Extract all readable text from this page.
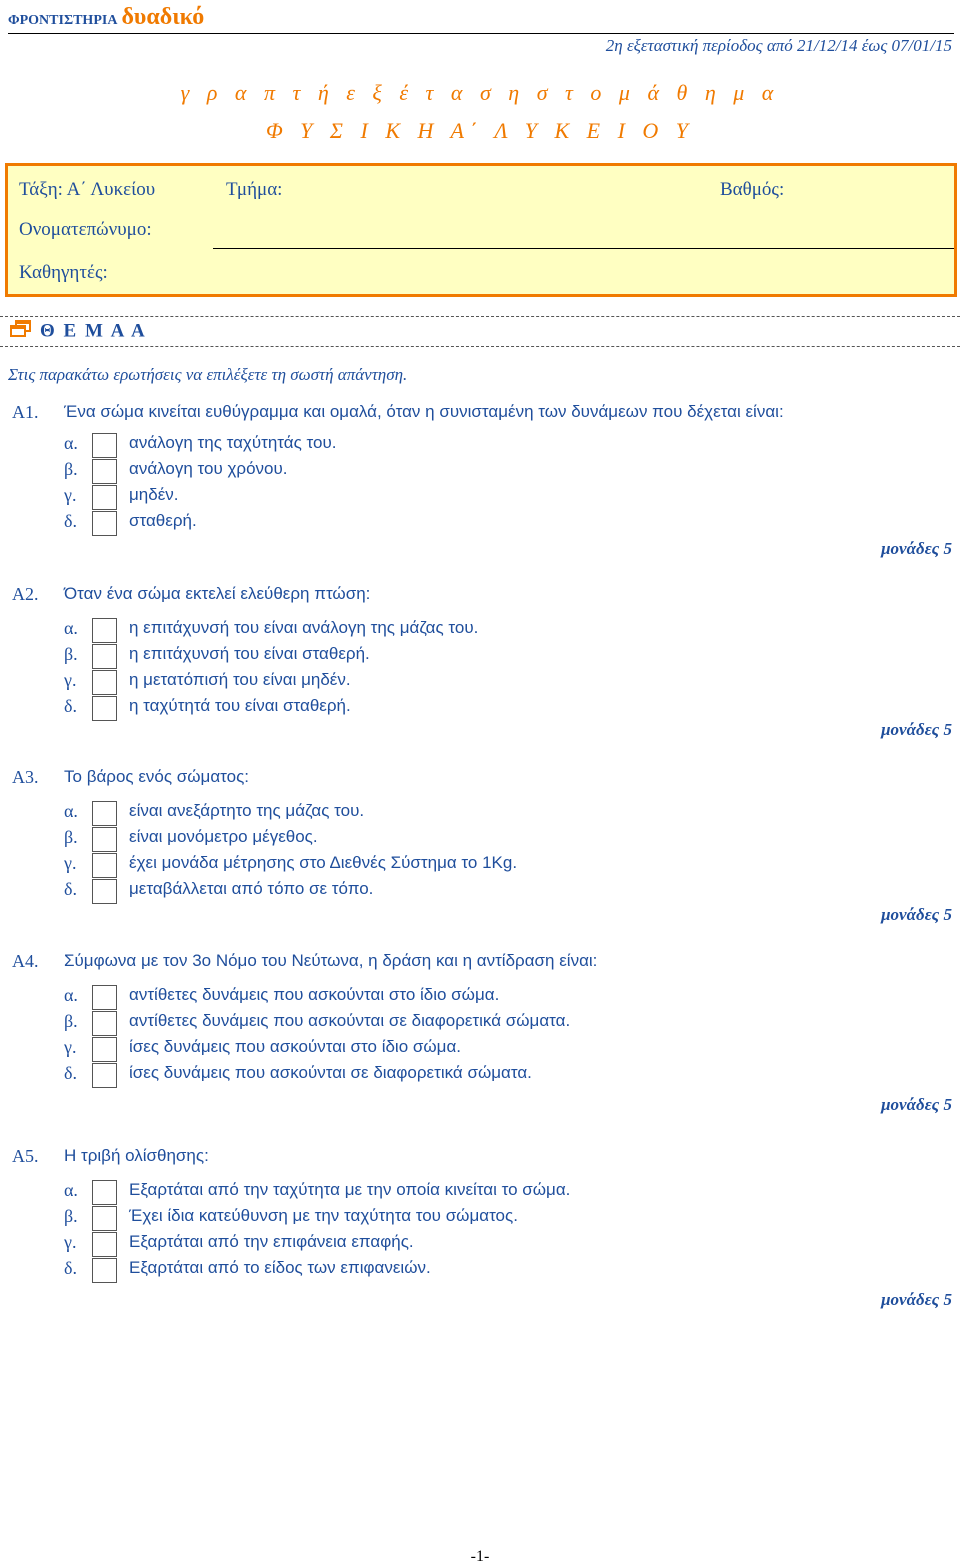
ΦΡΟΝΤΙΣΤΗΡΙΑ δυαδικό
2η εξεταστική περίοδος από 21/12/14 έως 07/01/15
γ ρ α π τ ή ε ξ έ τ α σ η σ τ ο μ ά θ η μ α
Φ Υ Σ Ι Κ Η Α΄ Λ Υ Κ Ε Ι Ο Υ
Τάξη: Α΄ Λυκείου	Τμήμα:	Βαθμός:
Ονοματεπώνυμο:
Καθηγητές:
Θ Ε Μ Α Α
Στις παρακάτω ερωτήσεις να επιλέξετε τη σωστή απάντηση.
A1. Ένα σώμα κινείται ευθύγραμμα και ομαλά, όταν η συνισταμένη των δυνάμεων που δέχεται είναι:
α.	ανάλογη της ταχύτητάς του.
β.	ανάλογη του χρόνου.
γ.	μηδέν.
δ.	σταθερή.
μονάδες 5
A2. Όταν ένα σώμα εκτελεί ελεύθερη πτώση:
α.	η επιτάχυνσή του είναι ανάλογη της μάζας του.
β.	η επιτάχυνσή του είναι σταθερή.
γ.	η μετατόπισή του είναι μηδέν.
δ.	η ταχύτητά του είναι σταθερή.
μονάδες 5
A3. Το βάρος ενός σώματος:
α.	είναι ανεξάρτητο της μάζας του.
β.	είναι μονόμετρο μέγεθος.
γ.	έχει μονάδα μέτρησης στο Διεθνές Σύστημα το 1Kg.
δ.	μεταβάλλεται από τόπο σε τόπο.
μονάδες 5
A4. Σύμφωνα με τον 3ο Νόμο του Νεύτωνα, η δράση και η αντίδραση είναι:
α.	αντίθετες δυνάμεις που ασκούνται στο ίδιο σώμα.
β.	αντίθετες δυνάμεις που ασκούνται σε διαφορετικά σώματα.
γ.	ίσες δυνάμεις που ασκούνται στο ίδιο σώμα.
δ.	ίσες δυνάμεις που ασκούνται σε διαφορετικά σώματα.
μονάδες 5
A5. Η τριβή ολίσθησης:
α.	Εξαρτάται από την ταχύτητα με την οποία κινείται το σώμα.
β.	Έχει ίδια κατεύθυνση με την ταχύτητα του σώματος.
γ.	Εξαρτάται από την επιφάνεια επαφής.
δ.	Εξαρτάται από το είδος των επιφανειών.
μονάδες 5
-1-
